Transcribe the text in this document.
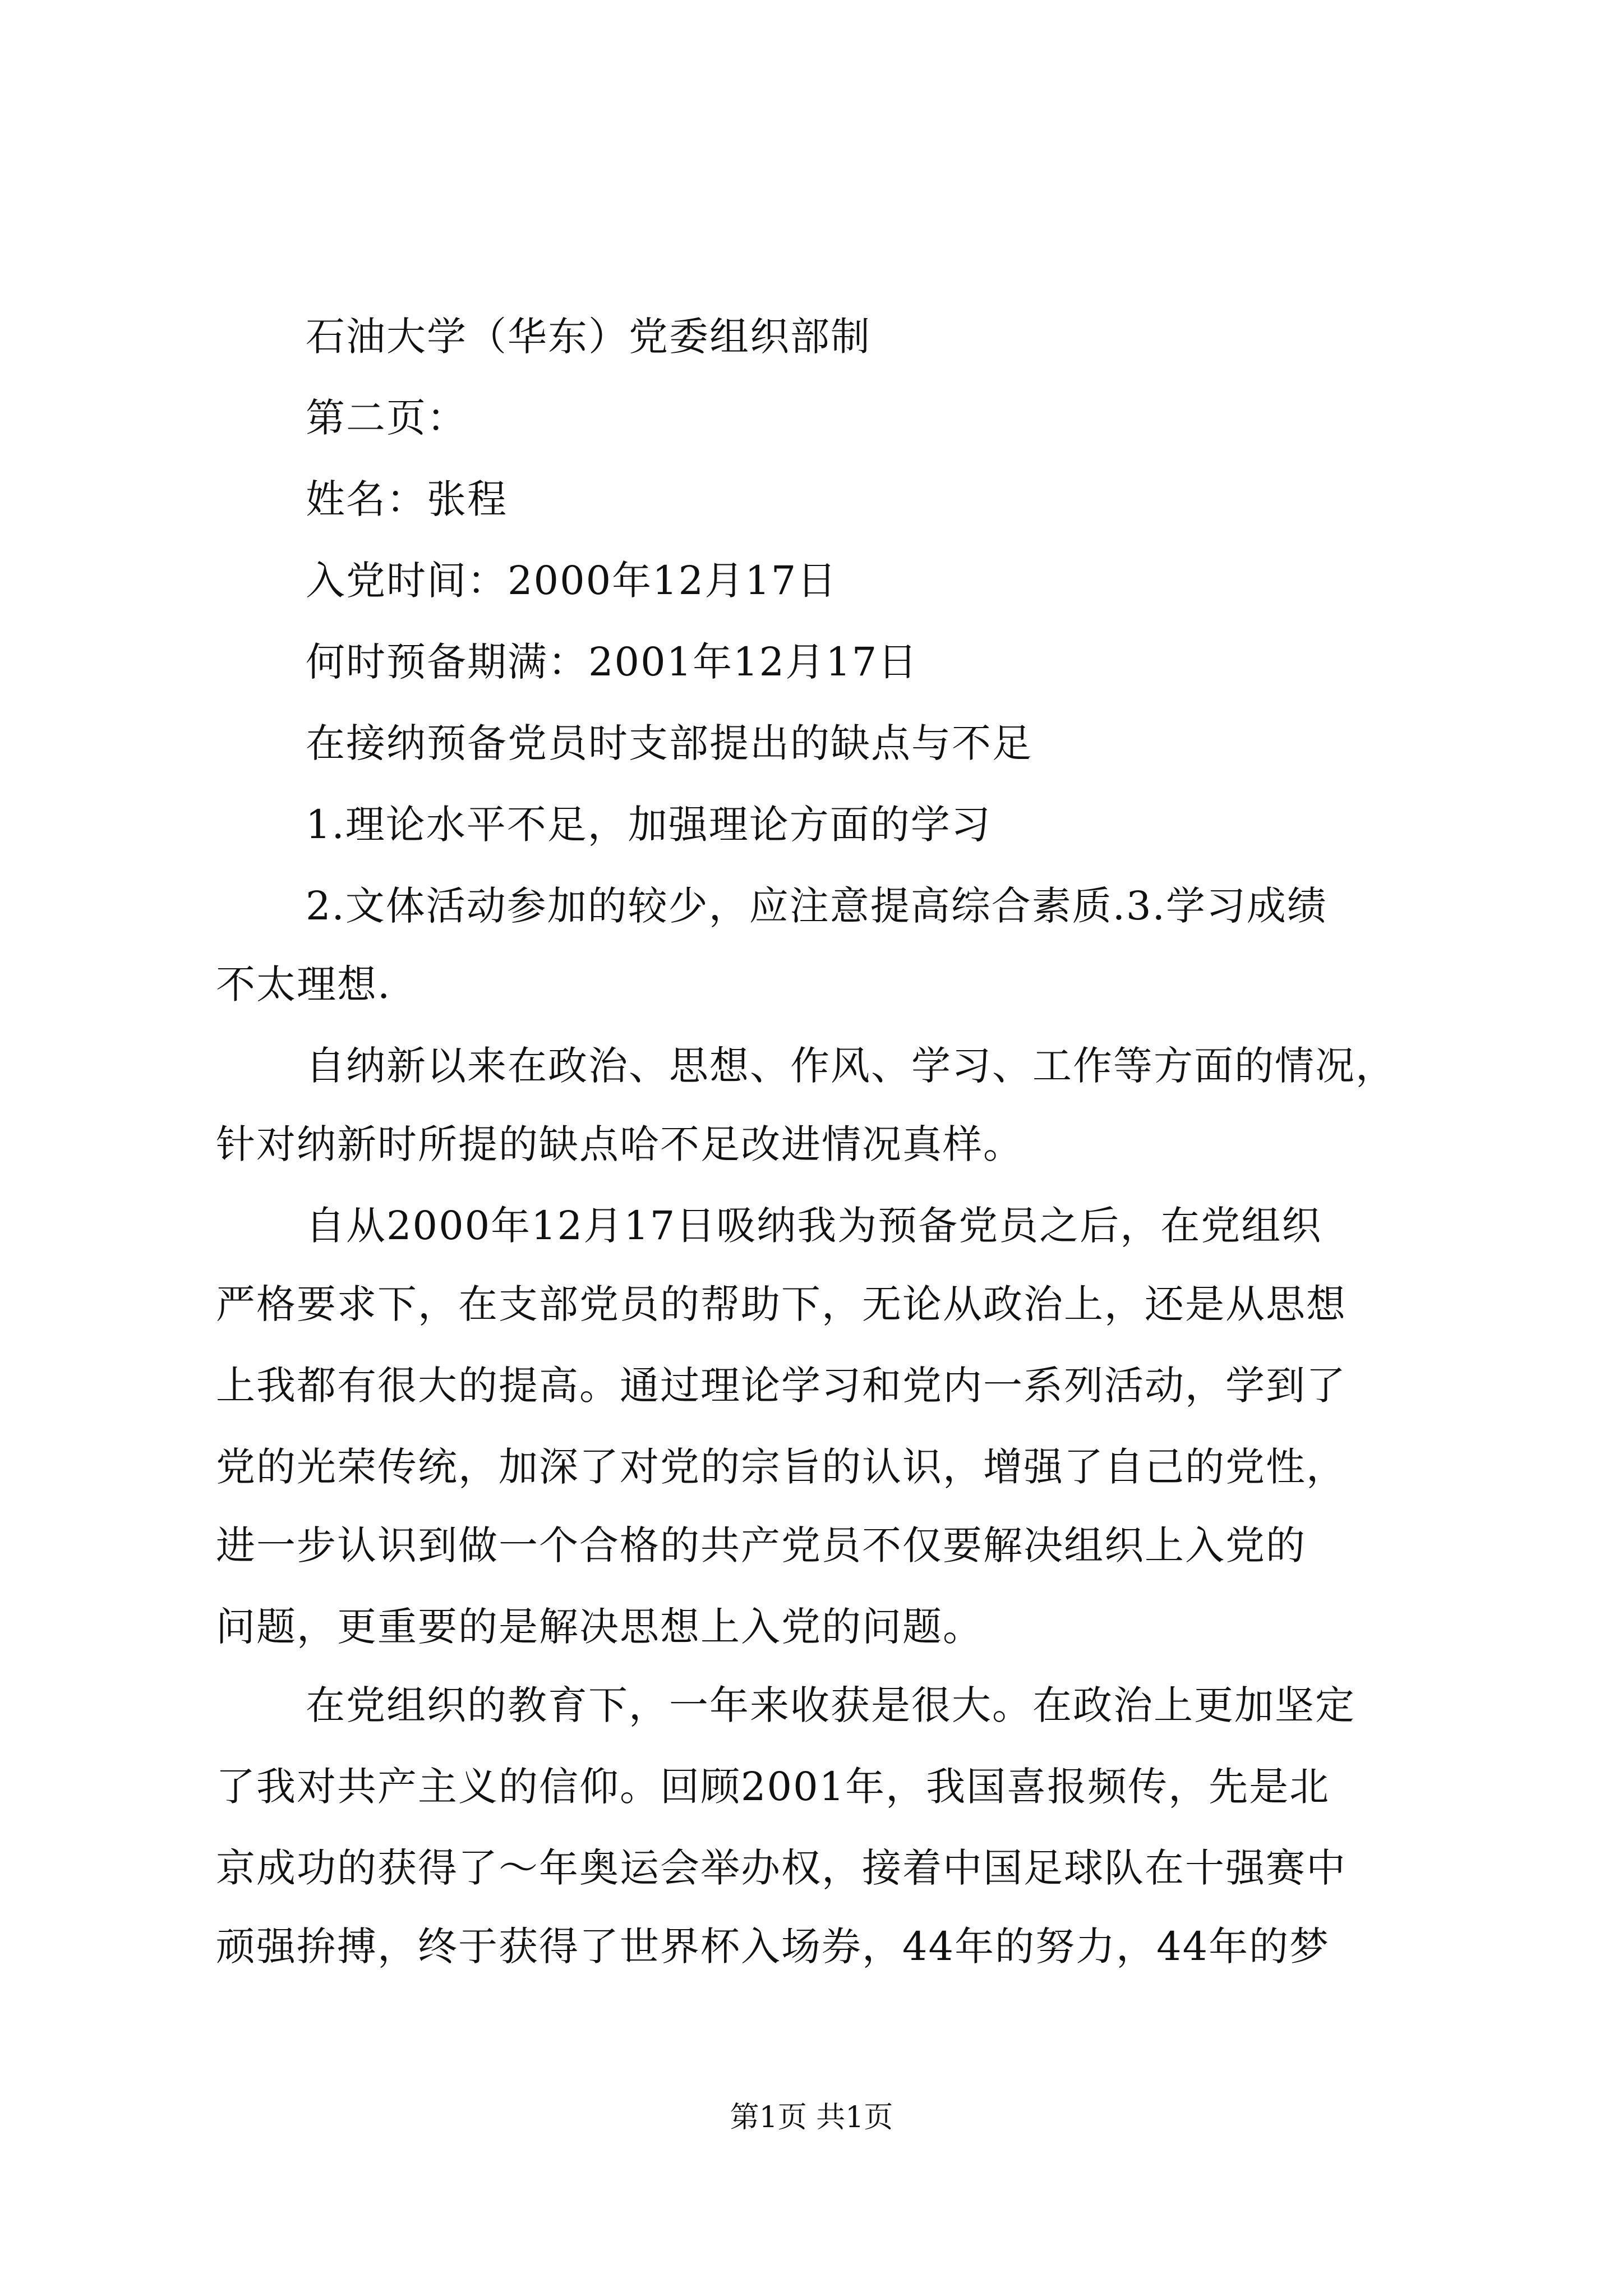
石油大学（华东）党委组织部制
第二页：
姓名：张程
入党时间：2000年12月17日
何时预备期满：2001年12月17日
在接纳预备党员时支部提出的缺点与不足
1.理论水平不足，加强理论方面的学习
2.文体活动参加的较少，应注意提高综合素质.3.学习成绩
不太理想.
自纳新以来在政治、思想、作风、学习、工作等方面的情况，
针对纳新时所提的缺点哈不足改进情况真样。
自从2000年12月17日吸纳我为预备党员之后，在党组织
严格要求下，在支部党员的帮助下，无论从政治上，还是从思想
上我都有很大的提高。通过理论学习和党内一系列活动，学到了
党的光荣传统，加深了对党的宗旨的认识，增强了自己的党性，
进一步认识到做一个合格的共产党员不仅要解决组织上入党的
问题，更重要的是解决思想上入党的问题。
在党组织的教育下，一年来收获是很大。在政治上更加坚定
了我对共产主义的信仰。回顾2001年，我国喜报频传，先是北
京成功的获得了～年奥运会举办权，接着中国足球队在十强赛中
顽强拚搏，终于获得了世界杯入场券，44年的努力，44年的梦
第1页 共1页
